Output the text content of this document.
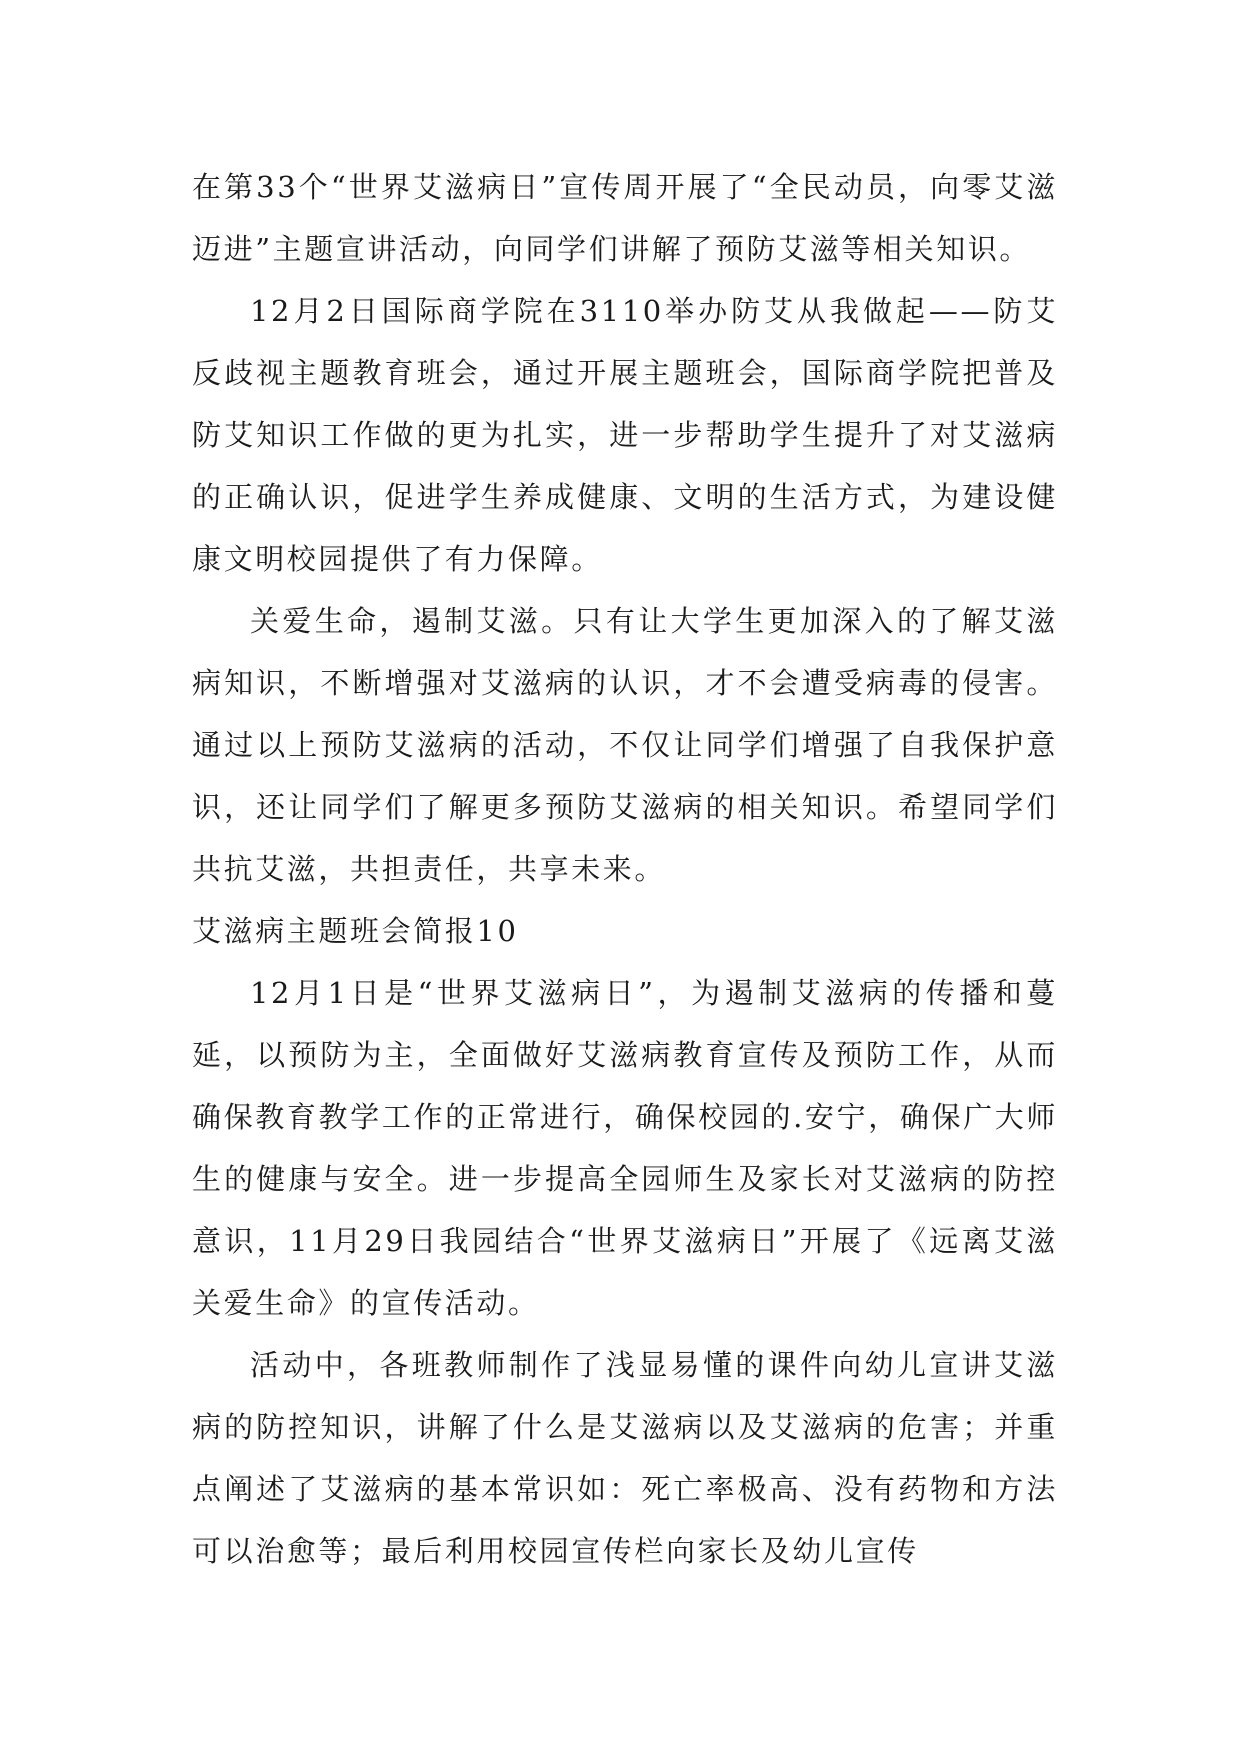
在第33个“世界艾滋病日”宣传周开展了“全民动员，向零艾滋迈进”主题宣讲活动，向同学们讲解了预防艾滋等相关知识。

12月2日国际商学院在3110举办防艾从我做起——防艾反歧视主题教育班会，通过开展主题班会，国际商学院把普及防艾知识工作做的更为扎实，进一步帮助学生提升了对艾滋病的正确认识，促进学生养成健康、文明的生活方式，为建设健康文明校园提供了有力保障。

关爱生命，遏制艾滋。只有让大学生更加深入的了解艾滋病知识，不断增强对艾滋病的认识，才不会遭受病毒的侵害。通过以上预防艾滋病的活动，不仅让同学们增强了自我保护意识，还让同学们了解更多预防艾滋病的相关知识。希望同学们共抗艾滋，共担责任，共享未来。

艾滋病主题班会简报10

12月1日是“世界艾滋病日”，为遏制艾滋病的传播和蔓延，以预防为主，全面做好艾滋病教育宣传及预防工作，从而确保教育教学工作的正常进行，确保校园的.安宁，确保广大师生的健康与安全。进一步提高全园师生及家长对艾滋病的防控意识，11月29日我园结合“世界艾滋病日”开展了《远离艾滋关爱生命》的宣传活动。

活动中，各班教师制作了浅显易懂的课件向幼儿宣讲艾滋病的防控知识，讲解了什么是艾滋病以及艾滋病的危害；并重点阐述了艾滋病的基本常识如：死亡率极高、没有药物和方法可以治愈等；最后利用校园宣传栏向家长及幼儿宣传
